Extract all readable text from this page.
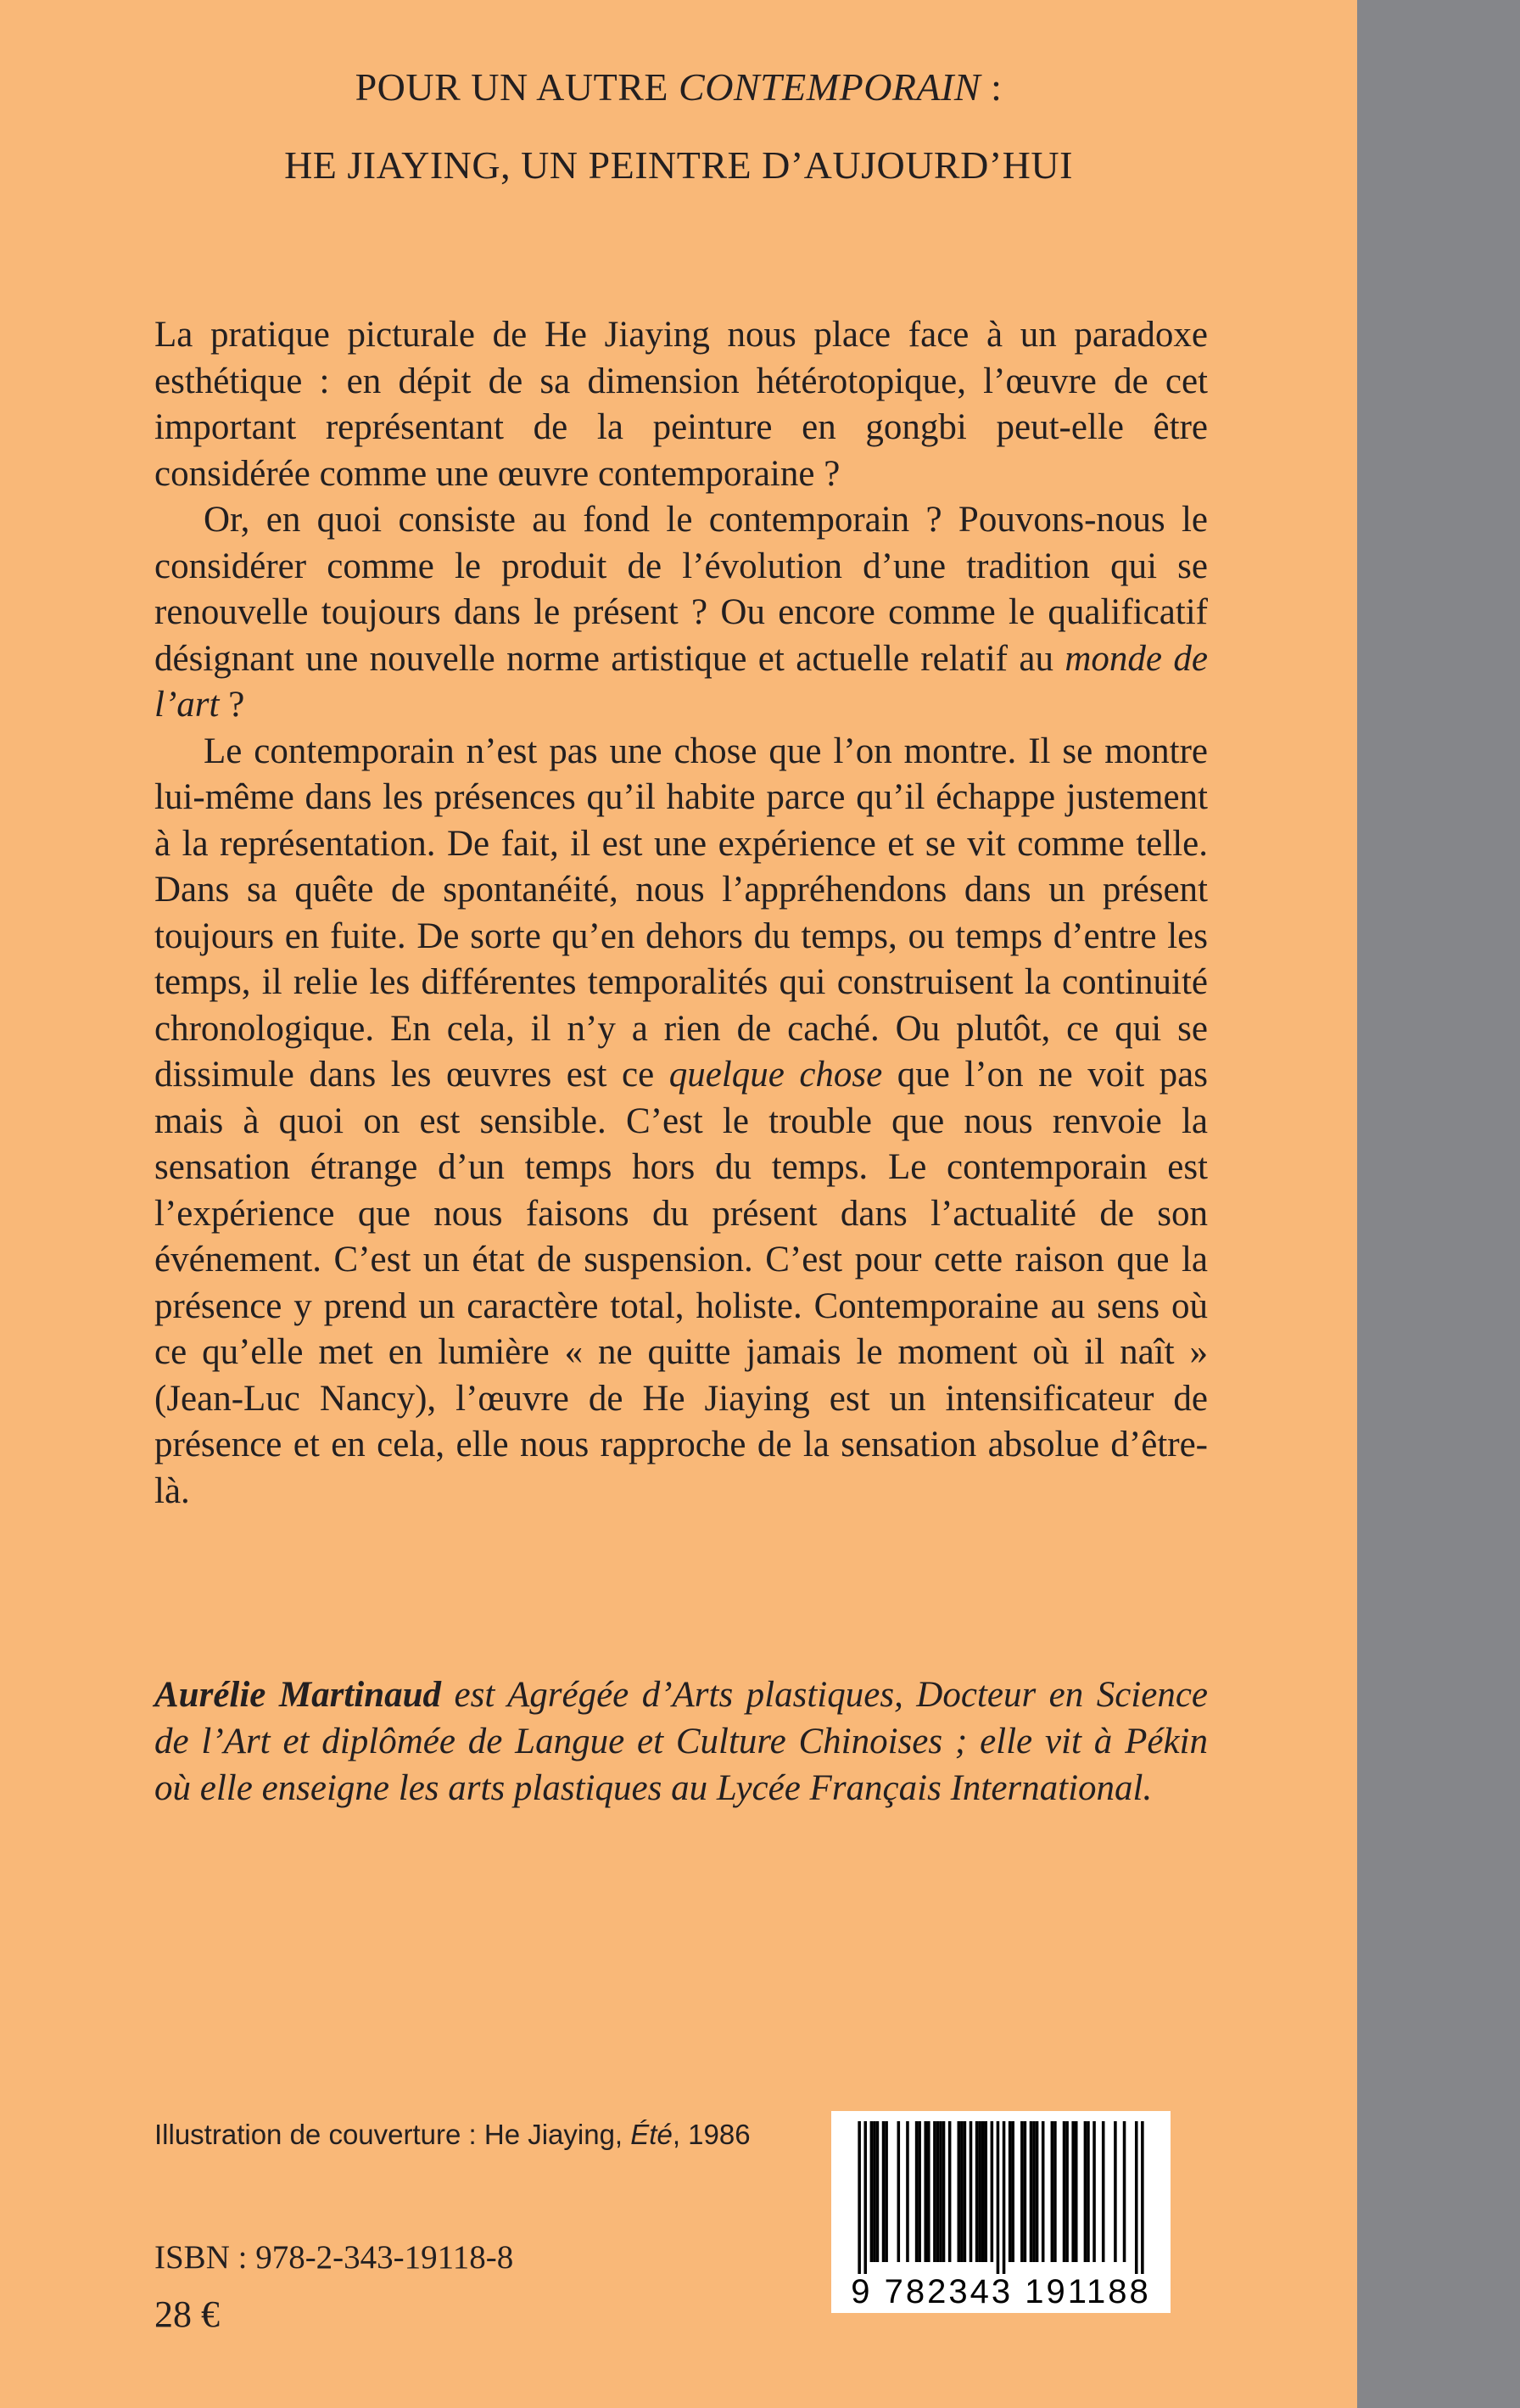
POUR UN AUTRE CONTEMPORAIN :
HE JIAYING, UN PEINTRE D’AUJOURD’HUI

La pratique picturale de He Jiaying nous place face à un paradoxe esthétique : en dépit de sa dimension hétérotopique, l’œuvre de cet important représentant de la peinture en gongbi peut-elle être considérée comme une œuvre contemporaine ?

Or, en quoi consiste au fond le contemporain ? Pouvons-nous le considérer comme le produit de l’évolution d’une tradition qui se renouvelle toujours dans le présent ? Ou encore comme le qualificatif désignant une nouvelle norme artistique et actuelle relatif au monde de l’art ?

Le contemporain n’est pas une chose que l’on montre. Il se montre lui-même dans les présences qu’il habite parce qu’il échappe justement à la représentation. De fait, il est une expérience et se vit comme telle. Dans sa quête de spontanéité, nous l’appréhendons dans un présent toujours en fuite. De sorte qu’en dehors du temps, ou temps d’entre les temps, il relie les différentes temporalités qui construisent la continuité chronologique. En cela, il n’y a rien de caché. Ou plutôt, ce qui se dissimule dans les œuvres est ce quelque chose que l’on ne voit pas mais à quoi on est sensible. C’est le trouble que nous renvoie la sensation étrange d’un temps hors du temps. Le contemporain est l’expérience que nous faisons du présent dans l’actualité de son événement. C’est un état de suspension. C’est pour cette raison que la présence y prend un caractère total, holiste. Contemporaine au sens où ce qu’elle met en lumière « ne quitte jamais le moment où il naît » (Jean-Luc Nancy), l’œuvre de He Jiaying est un intensificateur de présence et en cela, elle nous rapproche de la sensation absolue d’être-là.

Aurélie Martinaud est Agrégée d’Arts plastiques, Docteur en Science de l’Art et diplômée de Langue et Culture Chinoises ; elle vit à Pékin où elle enseigne les arts plastiques au Lycée Français International.
Illustration de couverture : He Jiaying, Été, 1986
ISBN : 978-2-343-19118-8
28 €
9 782343 191188
